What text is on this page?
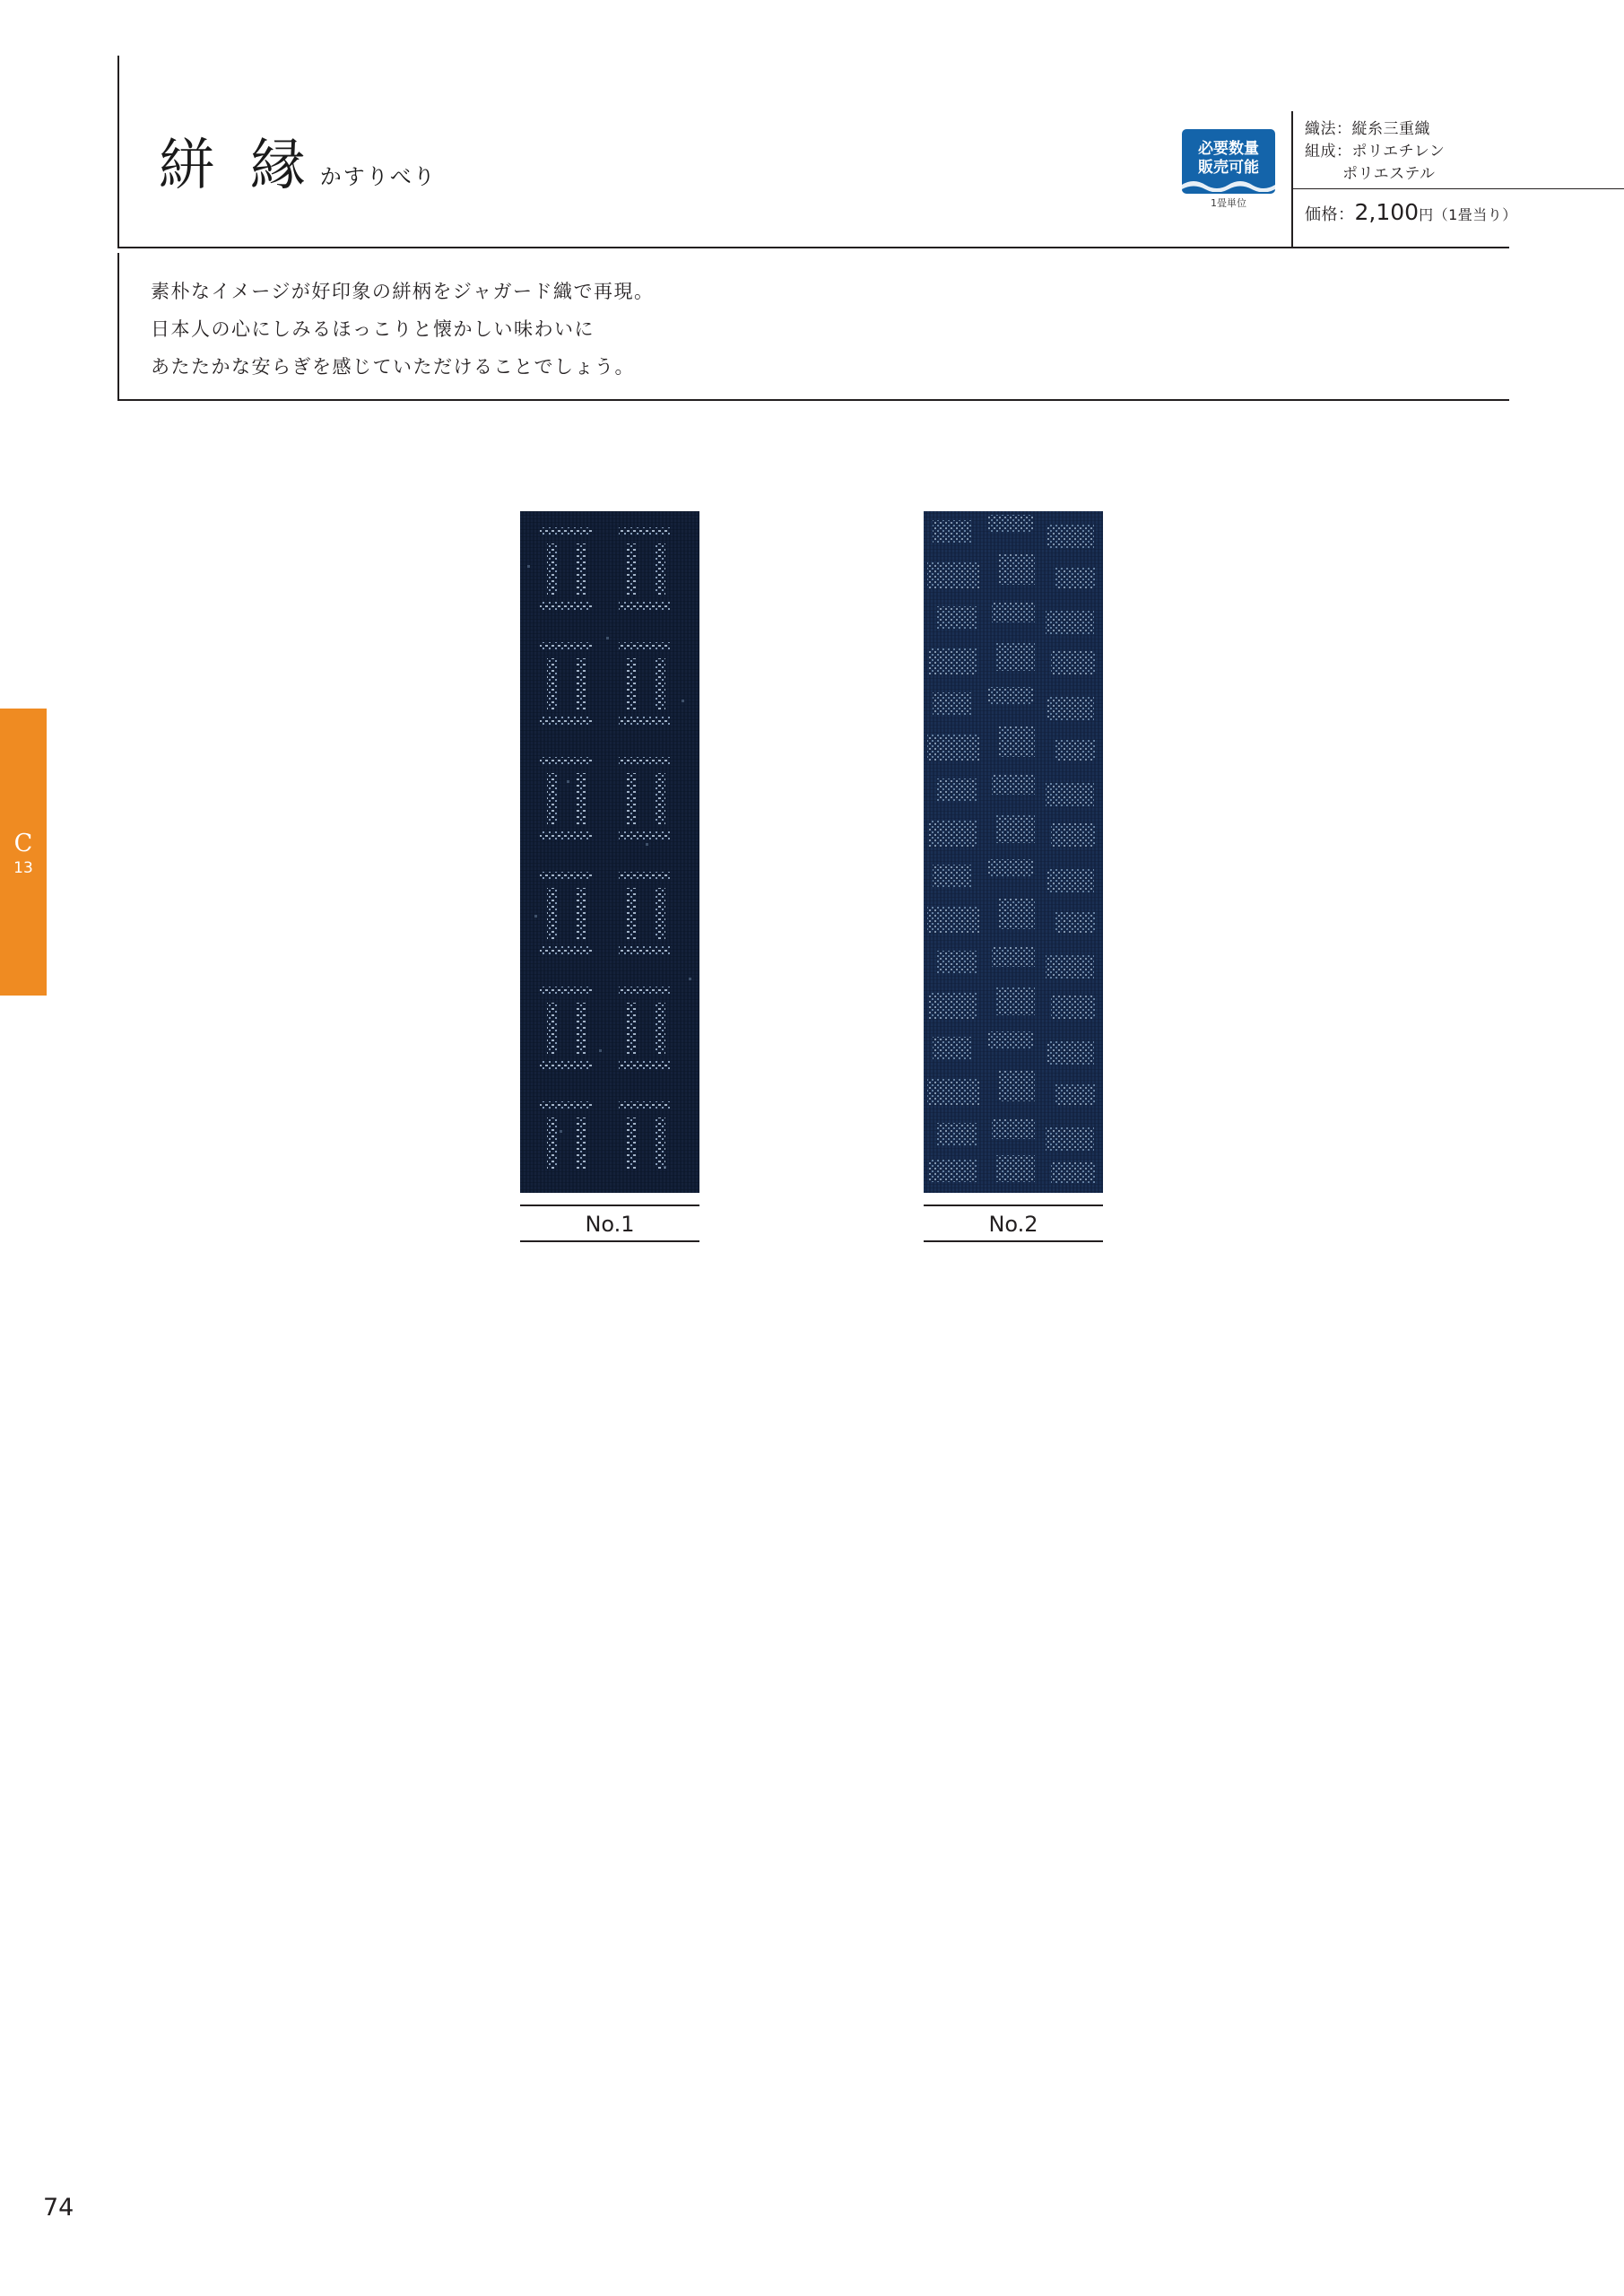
絣 縁 かすりべり
必要数量
販売可能
1畳単位
織法：縦糸三重織
組成：ポリエチレン
ポリエステル
価格：2,100円（1畳当り）
素朴なイメージが好印象の絣柄をジャガード織で再現。
日本人の心にしみるほっこりと懐かしい味わいに
あたたかな安らぎを感じていただけることでしょう。
C
13
No.1	No.2
74
